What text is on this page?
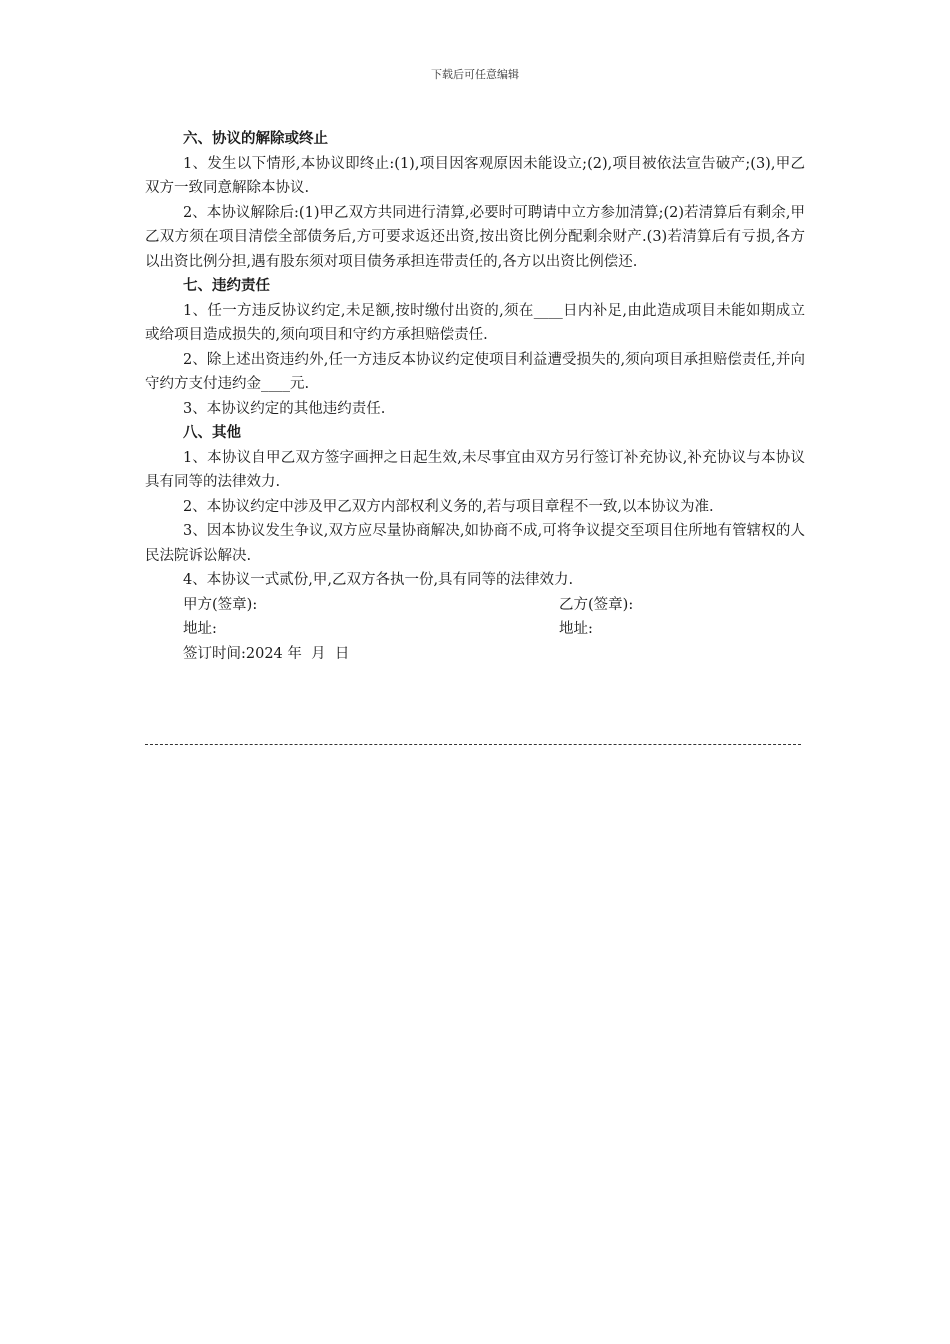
下载后可任意编辑
六、协议的解除或终止
1、发生以下情形,本协议即终止:(1),项目因客观原因未能设立;(2),项目被依法宣告破产;(3),甲乙双方一致同意解除本协议.
2、本协议解除后:(1)甲乙双方共同进行清算,必要时可聘请中立方参加清算;(2)若清算后有剩余,甲乙双方须在项目清偿全部债务后,方可要求返还出资,按出资比例分配剩余财产.(3)若清算后有亏损,各方以出资比例分担,遇有股东须对项目债务承担连带责任的,各方以出资比例偿还.
七、违约责任
1、任一方违反协议约定,未足额,按时缴付出资的,须在____日内补足,由此造成项目未能如期成立或给项目造成损失的,须向项目和守约方承担赔偿责任.
2、除上述出资违约外,任一方违反本协议约定使项目利益遭受损失的,须向项目承担赔偿责任,并向守约方支付违约金____元.
3、本协议约定的其他违约责任.
八、其他
1、本协议自甲乙双方签字画押之日起生效,未尽事宜由双方另行签订补充协议,补充协议与本协议具有同等的法律效力.
2、本协议约定中涉及甲乙双方内部权利义务的,若与项目章程不一致,以本协议为准.
3、因本协议发生争议,双方应尽量协商解决,如协商不成,可将争议提交至项目住所地有管辖权的人民法院诉讼解决.
4、本协议一式贰份,甲,乙双方各执一份,具有同等的法律效力.
甲方(签章):	乙方(签章):
地址:	地址:
签订时间:2024 年  月  日
